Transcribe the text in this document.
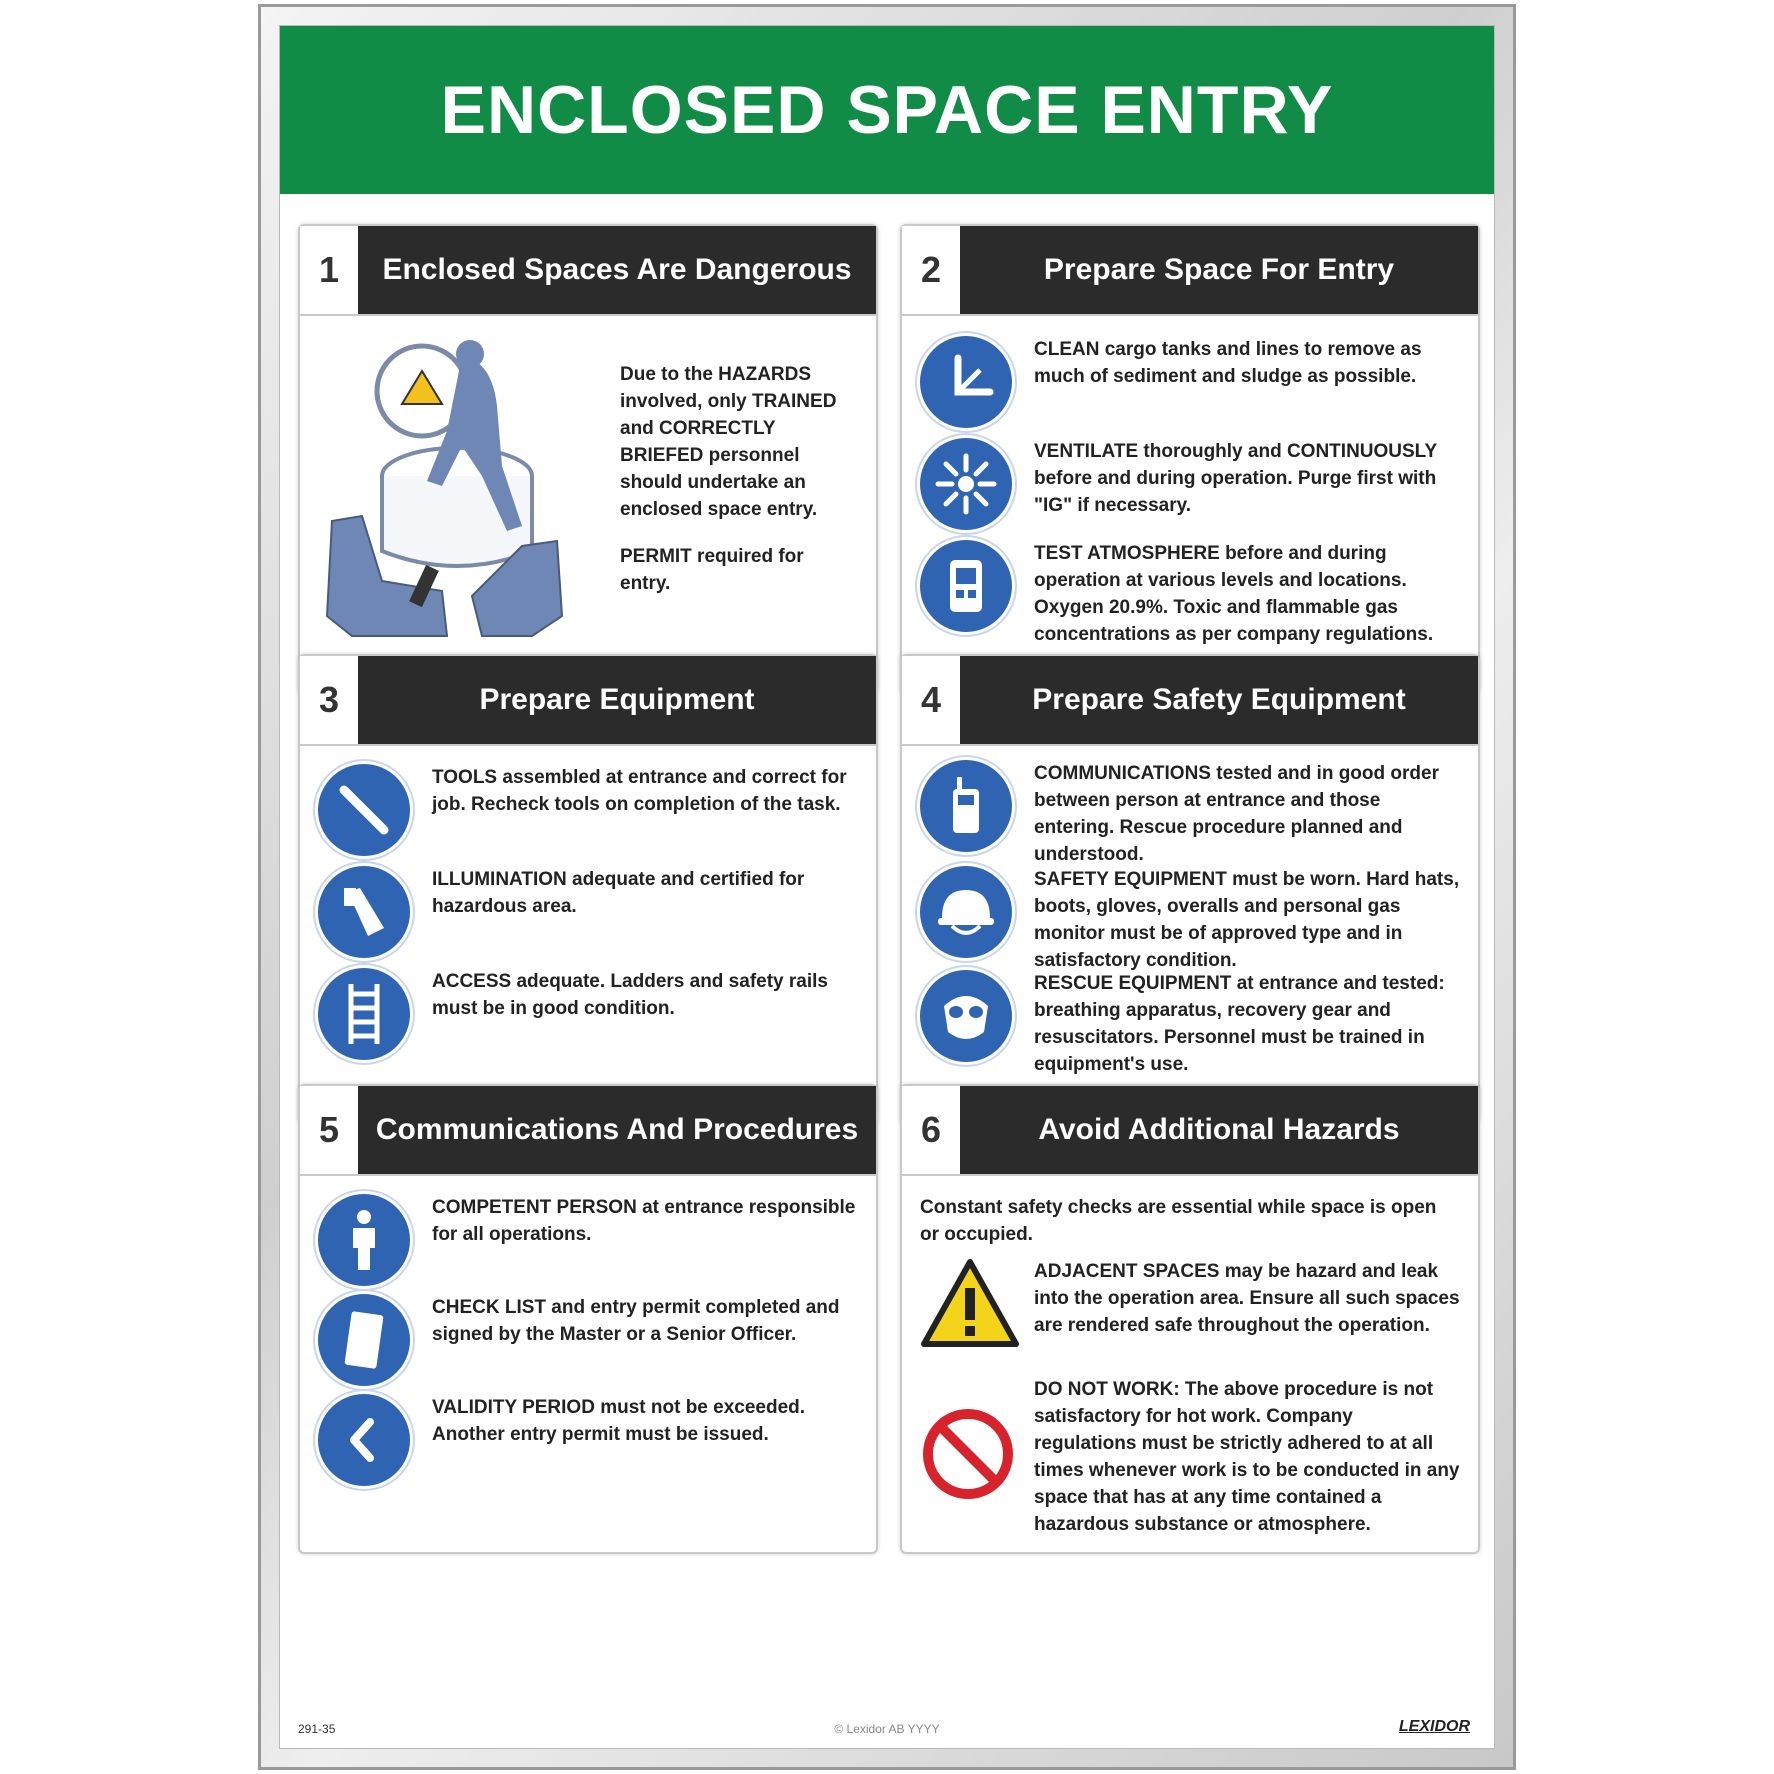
ENCLOSED SPACE ENTRY
1	Enclosed Spaces Are Dangerous

Due to the HAZARDS involved, only TRAINED and CORRECTLY BRIEFED personnel should undertake an enclosed space entry.

PERMIT required for entry.

2	Prepare Space For Entry
CLEAN cargo tanks and lines to remove as much of sediment and sludge as possible.
VENTILATE thoroughly and CONTINUOUSLY before and during operation. Purge first with "IG" if necessary.
TEST ATMOSPHERE before and during operation at various levels and locations. Oxygen 20.9%. Toxic and flammable gas concentrations as per company regulations.
3	Prepare Equipment
TOOLS assembled at entrance and correct for job. Recheck tools on completion of the task.
ILLUMINATION adequate and certified for hazardous area.
ACCESS adequate. Ladders and safety rails must be in good condition.
4	Prepare Safety Equipment
COMMUNICATIONS tested and in good order between person at entrance and those entering. Rescue procedure planned and understood.
SAFETY EQUIPMENT must be worn. Hard hats, boots, gloves, overalls and personal gas monitor must be of approved type and in satisfactory condition.
RESCUE EQUIPMENT at entrance and tested: breathing apparatus, recovery gear and resuscitators. Personnel must be trained in equipment's use.
5	Communications And Procedures
COMPETENT PERSON at entrance responsible for all operations.
CHECK LIST and entry permit completed and signed by the Master or a Senior Officer.
VALIDITY PERIOD must not be exceeded. Another entry permit must be issued.
6	Avoid Additional Hazards
Constant safety checks are essential while space is open or occupied.
ADJACENT SPACES may be hazard and leak into the operation area. Ensure all such spaces are rendered safe throughout the operation.
DO NOT WORK: The above procedure is not satisfactory for hot work. Company regulations must be strictly adhered to at all times whenever work is to be conducted in any space that has at any time contained a hazardous substance or atmosphere.
291-35	© Lexidor AB YYYY	LEXIDOR
